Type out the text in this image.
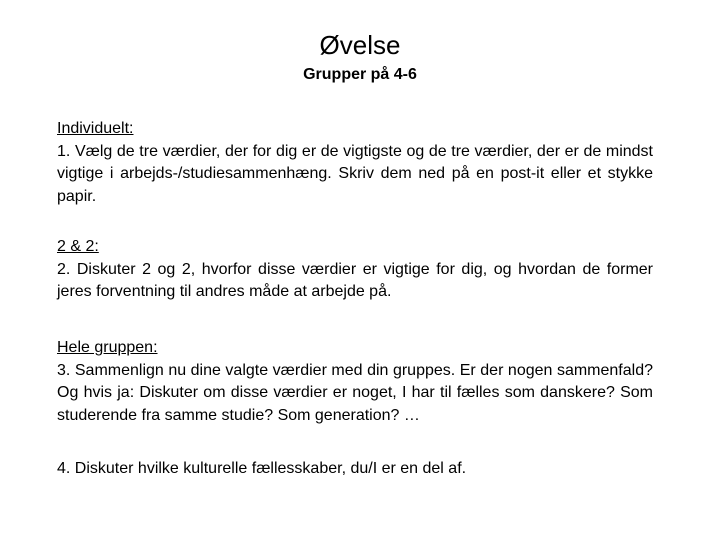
Øvelse
Grupper på 4-6
Individuelt:
1. Vælg de tre værdier, der for dig er de vigtigste og de tre værdier, der er de mindst vigtige i arbejds-/studiesammenhæng. Skriv dem ned på en post-it eller et stykke papir.
2 & 2:
2. Diskuter 2 og 2, hvorfor disse værdier er vigtige for dig, og hvordan de former jeres forventning til andres måde at arbejde på.
Hele gruppen:
3. Sammenlign nu dine valgte værdier med din gruppes. Er der nogen sammenfald? Og hvis ja: Diskuter om disse værdier er noget, I har til fælles som danskere? Som studerende fra samme studie? Som generation? …
4. Diskuter hvilke kulturelle fællesskaber, du/I er en del af.
